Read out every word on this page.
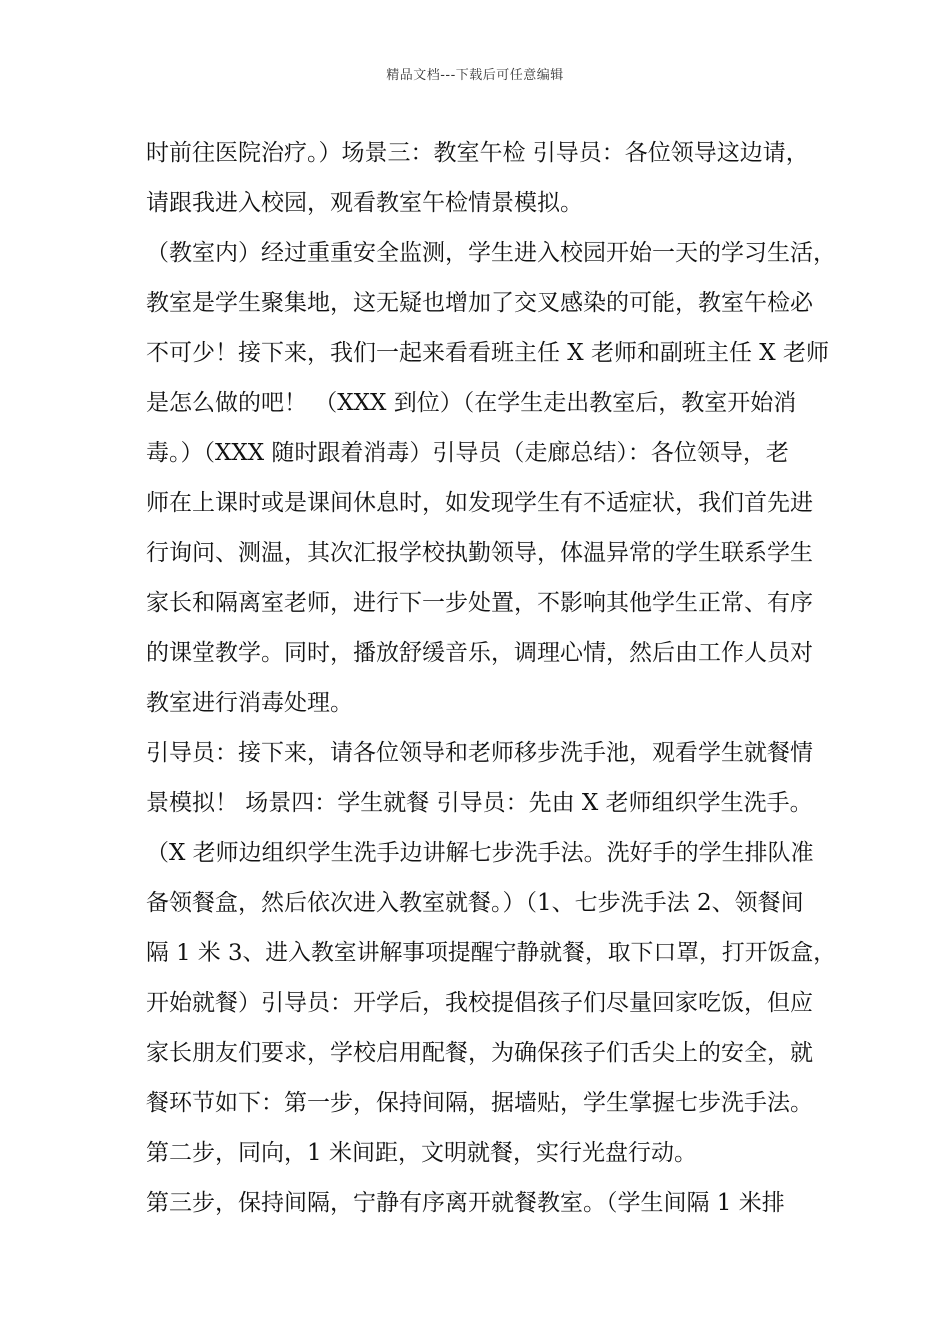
精品文档---下载后可任意编辑
时前往医院治疗。）场景三：教室午检 引导员：各位领导这边请，
请跟我进入校园，观看教室午检情景模拟。
（教室内）经过重重安全监测，学生进入校园开始一天的学习生活，
教室是学生聚集地，这无疑也增加了交叉感染的可能，教室午检必
不可少！接下来，我们一起来看看班主任 X 老师和副班主任 X 老师
是怎么做的吧！ （XXX 到位）（在学生走出教室后，教室开始消
毒。）（XXX 随时跟着消毒）引导员（走廊总结）：各位领导，老
师在上课时或是课间休息时，如发现学生有不适症状，我们首先进
行询问、测温，其次汇报学校执勤领导，体温异常的学生联系学生
家长和隔离室老师，进行下一步处置，不影响其他学生正常、有序
的课堂教学。同时，播放舒缓音乐，调理心情，然后由工作人员对
教室进行消毒处理。
引导员：接下来，请各位领导和老师移步洗手池，观看学生就餐情
景模拟！ 场景四：学生就餐 引导员：先由 X 老师组织学生洗手。
（X 老师边组织学生洗手边讲解七步洗手法。洗好手的学生排队准
备领餐盒，然后依次进入教室就餐。）（1、七步洗手法 2、领餐间
隔 1 米 3、进入教室讲解事项提醒宁静就餐，取下口罩，打开饭盒，
开始就餐）引导员：开学后，我校提倡孩子们尽量回家吃饭，但应
家长朋友们要求，学校启用配餐，为确保孩子们舌尖上的安全，就
餐环节如下：第一步，保持间隔，据墙贴，学生掌握七步洗手法。
第二步，同向，1 米间距，文明就餐，实行光盘行动。
第三步，保持间隔，宁静有序离开就餐教室。（学生间隔 1 米排
